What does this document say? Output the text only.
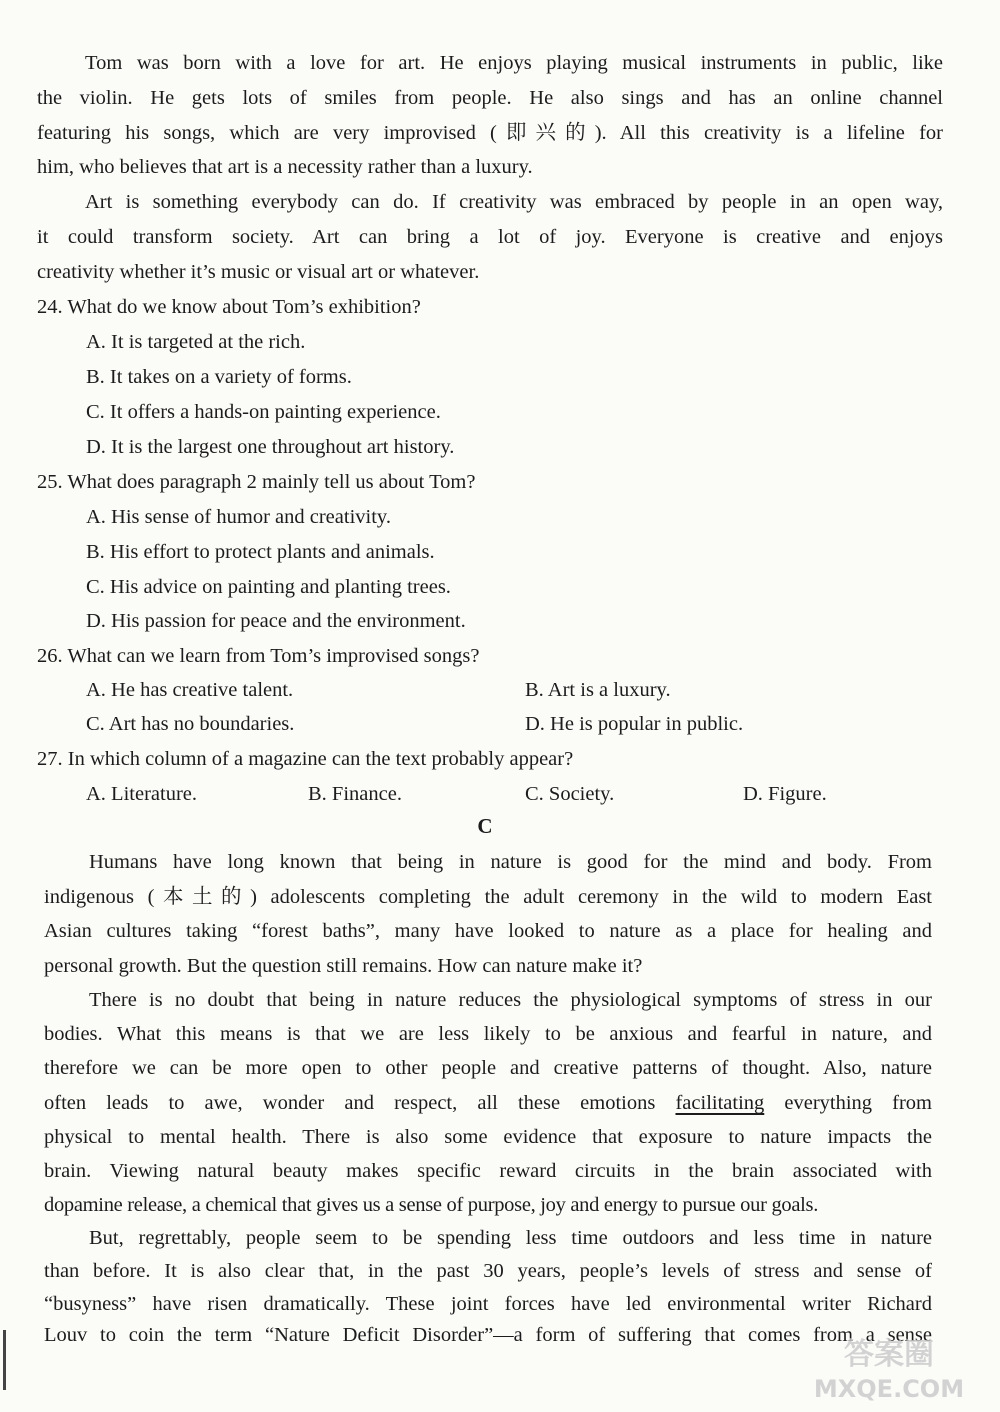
Tom was born with a love for art. He enjoys playing musical instruments in public, like
the violin. He gets lots of smiles from people. He also sings and has an online channel
featuring his songs, which are very improvised (即兴的). All this creativity is a lifeline for
him, who believes that art is a necessity rather than a luxury.
Art is something everybody can do. If creativity was embraced by people in an open way,
it could transform society. Art can bring a lot of joy. Everyone is creative and enjoys
creativity whether it’s music or visual art or whatever.
24. What do we know about Tom’s exhibition?
A. It is targeted at the rich.
B. It takes on a variety of forms.
C. It offers a hands-on painting experience.
D. It is the largest one throughout art history.
25. What does paragraph 2 mainly tell us about Tom?
A. His sense of humor and creativity.
B. His effort to protect plants and animals.
C. His advice on painting and planting trees.
D. His passion for peace and the environment.
26. What can we learn from Tom’s improvised songs?
A. He has creative talent.	B. Art is a luxury.
C. Art has no boundaries.	D. He is popular in public.
27. In which column of a magazine can the text probably appear?
A. Literature.	B. Finance.	C. Society.	D. Figure.
C
Humans have long known that being in nature is good for the mind and body. From
indigenous (本土的) adolescents completing the adult ceremony in the wild to modern East
Asian cultures taking “forest baths”, many have looked to nature as a place for healing and
personal growth. But the question still remains. How can nature make it?
There is no doubt that being in nature reduces the physiological symptoms of stress in our
bodies. What this means is that we are less likely to be anxious and fearful in nature, and
therefore we can be more open to other people and creative patterns of thought. Also, nature
often leads to awe, wonder and respect, all these emotions facilitating everything from
physical to mental health. There is also some evidence that exposure to nature impacts the
brain. Viewing natural beauty makes specific reward circuits in the brain associated with
dopamine release, a chemical that gives us a sense of purpose, joy and energy to pursue our goals.
But, regrettably, people seem to be spending less time outdoors and less time in nature
than before. It is also clear that, in the past 30 years, people’s levels of stress and sense of
“busyness” have risen dramatically. These joint forces have led environmental writer Richard
Louv to coin the term “Nature Deficit Disorder”—a form of suffering that comes from a sense
答案圈
MXQE.COM
